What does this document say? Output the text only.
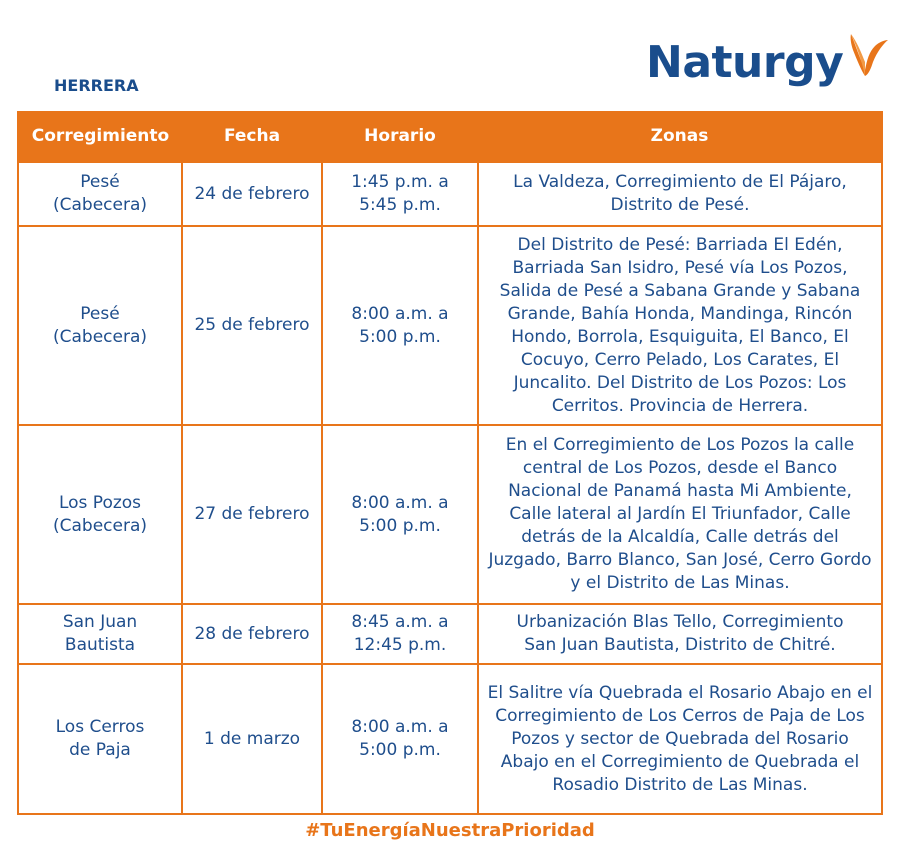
HERRERA	Naturgy
Corregimiento	Fecha	Horario	Zonas

Pesé (Cabecera)	24 de febrero	1:45 p.m. a 5:45 p.m.	La Valdeza, Corregimiento de El Pájaro, Distrito de Pesé.

Pesé (Cabecera)	25 de febrero	8:00 a.m. a 5:00 p.m.	Del Distrito de Pesé: Barriada El Edén, Barriada San Isidro, Pesé vía Los Pozos, Salida de Pesé a Sabana Grande y Sabana Grande, Bahía Honda, Mandinga, Rincón Hondo, Borrola, Esquiguita, El Banco, El Cocuyo, Cerro Pelado, Los Carates, El Juncalito. Del Distrito de Los Pozos: Los Cerritos. Provincia de Herrera.

Los Pozos (Cabecera)	27 de febrero	8:00 a.m. a 5:00 p.m.	En el Corregimiento de Los Pozos la calle central de Los Pozos, desde el Banco Nacional de Panamá hasta Mi Ambiente, Calle lateral al Jardín El Triunfador, Calle detrás de la Alcaldía, Calle detrás del Juzgado, Barro Blanco, San José, Cerro Gordo y el Distrito de Las Minas.

San Juan Bautista	28 de febrero	8:45 a.m. a 12:45 p.m.	Urbanización Blas Tello, Corregimiento San Juan Bautista, Distrito de Chitré.

Los Cerros de Paja	1 de marzo	8:00 a.m. a 5:00 p.m.	El Salitre vía Quebrada el Rosario Abajo en el Corregimiento de Los Cerros de Paja de Los Pozos y sector de Quebrada del Rosario Abajo en el Corregimiento de Quebrada el Rosadio Distrito de Las Minas.
#TuEnergíaNuestraPrioridad
